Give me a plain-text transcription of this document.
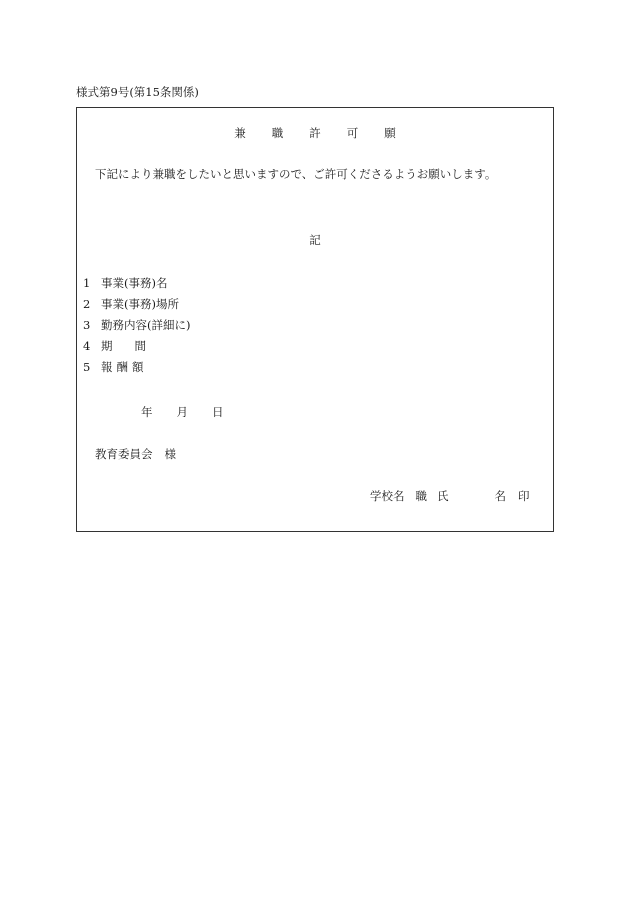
様式第9号(第15条関係)
兼 職 許 可 願
下記により兼職をしたいと思いますので、ご許可くださるようお願いします。
記
1 事業(事務)名
2 事業(事務)場所
3 勤務内容(詳細に)
4 期 間
5 報 酬 額
年 月 日
教育委員会 様
学校名 職 氏	名 印
